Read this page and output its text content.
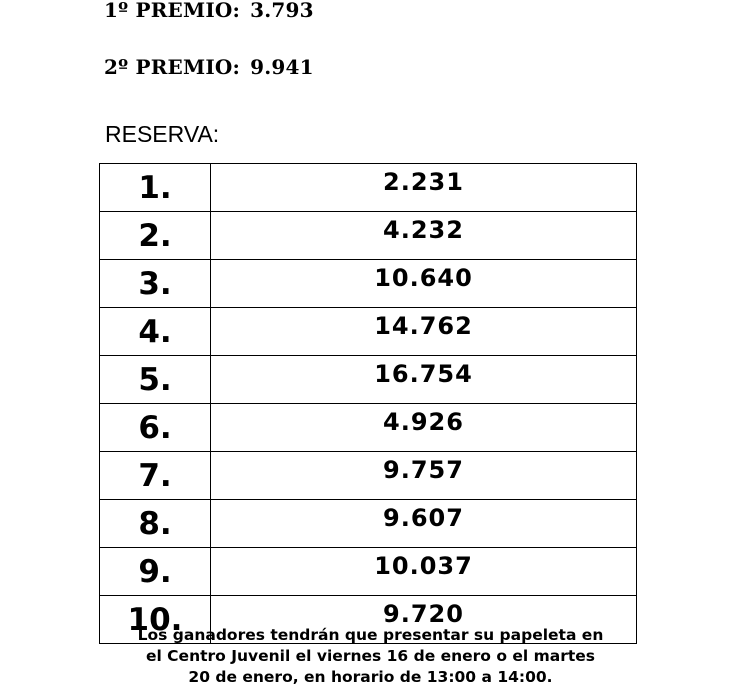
1º PREMIO: 3.793
2º PREMIO: 9.941
RESERVA:
1.	2.231
2.	4.232
3.	10.640
4.	14.762
5.	16.754
6.	4.926
7.	9.757
8.	9.607
9.	10.037
10.	9.720
Los ganadores tendrán que presentar su papeleta en
el Centro Juvenil el viernes 16 de enero o el martes
20 de enero, en horario de 13:00 a 14:00.
